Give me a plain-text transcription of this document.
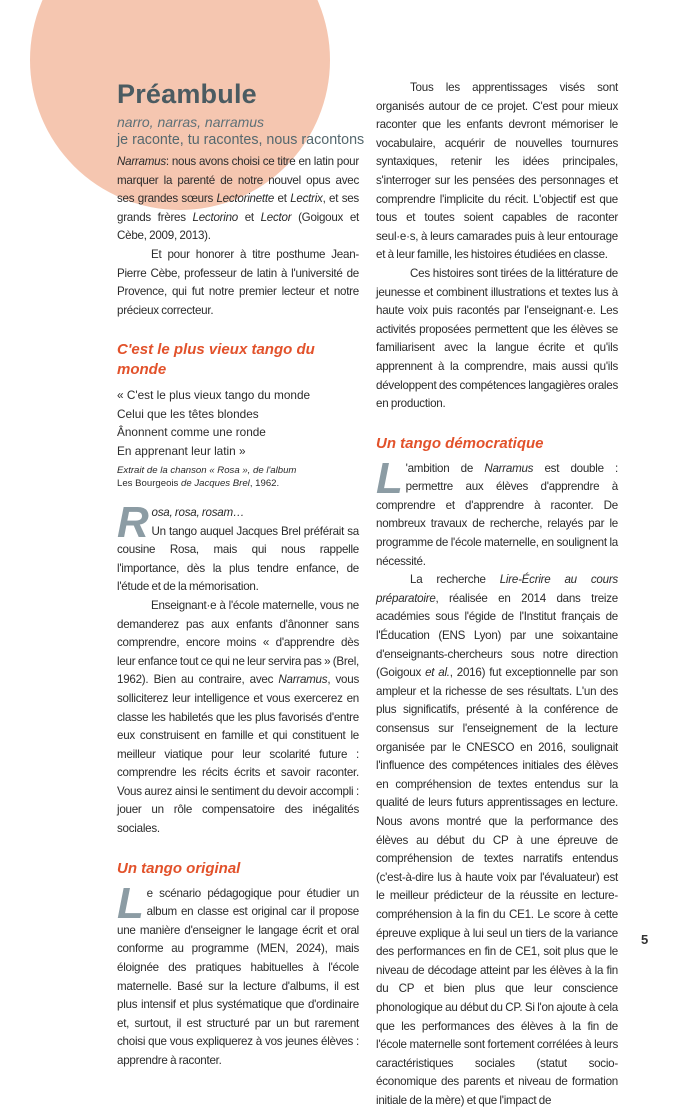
Préambule

narro, narras, narramus

je raconte, tu racontes, nous racontons

Narramus: nous avons choisi ce titre en latin pour marquer la parenté de notre nouvel opus avec ses grandes sœurs Lectorinette et Lectrix, et ses grands frères Lectorino et Lector (Goigoux et Cèbe, 2009, 2013).

Et pour honorer à titre posthume Jean-Pierre Cèbe, professeur de latin à l'université de Provence, qui fut notre premier lecteur et notre précieux correcteur.

C'est le plus vieux tango du monde
« C'est le plus vieux tango du monde
Celui que les têtes blondes
Ânonnent comme une ronde
En apprenant leur latin »
Extrait de la chanson « Rosa », de l'album
Les Bourgeois de Jacques Brel, 1962.

Rosa, rosa, rosam…
Un tango auquel Jacques Brel préférait sa cousine Rosa, mais qui nous rappelle l'importance, dès la plus tendre enfance, de l'étude et de la mémorisation.

Enseignant·e à l'école maternelle, vous ne demanderez pas aux enfants d'ânonner sans comprendre, encore moins « d'apprendre dès leur enfance tout ce qui ne leur servira pas » (Brel, 1962). Bien au contraire, avec Narramus, vous solliciterez leur intelligence et vous exercerez en classe les habiletés que les plus favorisés d'entre eux construisent en famille et qui constituent le meilleur viatique pour leur scolarité future : comprendre les récits écrits et savoir raconter. Vous aurez ainsi le sentiment du devoir accompli : jouer un rôle compensatoire des inégalités sociales.

Un tango original

Le scénario pédagogique pour étudier un album en classe est original car il propose une manière d'enseigner le langage écrit et oral conforme au programme (MEN, 2024), mais éloignée des pratiques habituelles à l'école maternelle. Basé sur la lecture d'albums, il est plus intensif et plus systématique que d'ordinaire et, surtout, il est structuré par un but rarement choisi que vous expliquerez à vos jeunes élèves : apprendre à raconter.

Tous les apprentissages visés sont organisés autour de ce projet. C'est pour mieux raconter que les enfants devront mémoriser le vocabulaire, acquérir de nouvelles tournures syntaxiques, retenir les idées principales, s'interroger sur les pensées des personnages et comprendre l'implicite du récit. L'objectif est que tous et toutes soient capables de raconter seul·e·s, à leurs camarades puis à leur entourage et à leur famille, les histoires étudiées en classe.

Ces histoires sont tirées de la littérature de jeunesse et combinent illustrations et textes lus à haute voix puis racontés par l'enseignant·e. Les activités proposées permettent que les élèves se familiarisent avec la langue écrite et qu'ils apprennent à la comprendre, mais aussi qu'ils développent des compétences langagières orales en production.

Un tango démocratique

L 'ambition de Narramus est double : permettre aux élèves d'apprendre à comprendre et d'apprendre à raconter. De nombreux travaux de recherche, relayés par le programme de l'école maternelle, en soulignent la nécessité.

La recherche Lire-Écrire au cours préparatoire, réalisée en 2014 dans treize académies sous l'égide de l'Institut français de l'Éducation (ENS Lyon) par une soixantaine d'enseignants-chercheurs sous notre direction (Goigoux et al., 2016) fut exceptionnelle par son ampleur et la richesse de ses résultats. L'un des plus significatifs, présenté à la conférence de consensus sur l'enseignement de la lecture organisée par le CNESCO en 2016, soulignait l'influence des compétences initiales des élèves en compréhension de textes entendus sur la qualité de leurs futurs apprentissages en lecture. Nous avons montré que la performance des élèves au début du CP à une épreuve de compréhension de textes narratifs entendus (c'est-à-dire lus à haute voix par l'évaluateur) est le meilleur prédicteur de la réussite en lecture-compréhension à la fin du CE1. Le score à cette épreuve explique à lui seul un tiers de la variance des performances en fin de CE1, soit plus que le niveau de décodage atteint par les élèves à la fin du CP et bien plus que leur conscience phonologique au début du CP. Si l'on ajoute à cela que les performances des élèves à la fin de l'école maternelle sont fortement corrélées à leurs caractéristiques sociales (statut socio-économique des parents et niveau de formation initiale de la mère) et que l'impact de

5
